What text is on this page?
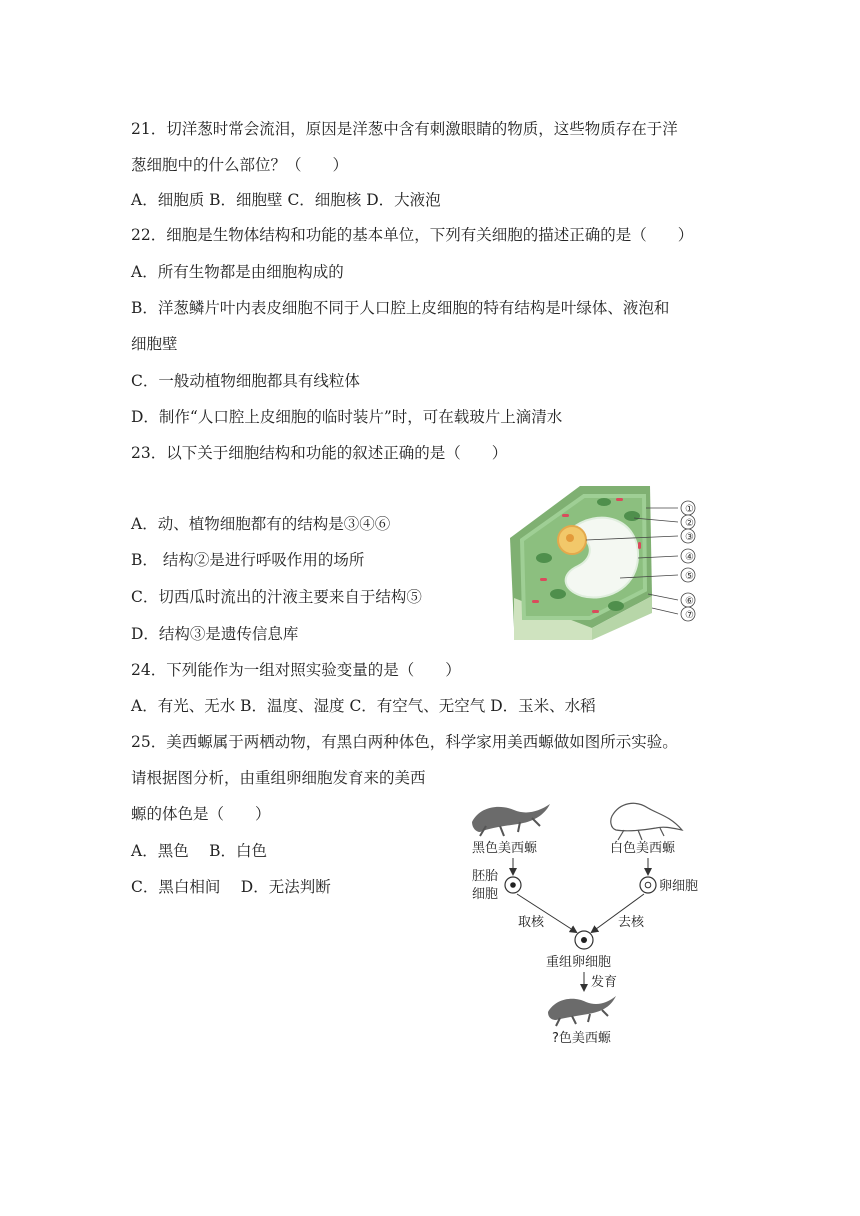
21．切洋葱时常会流泪，原因是洋葱中含有刺激眼睛的物质，这些物质存在于洋
葱细胞中的什么部位？（　　）
A．细胞质 B．细胞壁 C．细胞核 D．大液泡
22．细胞是生物体结构和功能的基本单位，下列有关细胞的描述正确的是（　　）
A．所有生物都是由细胞构成的
B．洋葱鳞片叶内表皮细胞不同于人口腔上皮细胞的特有结构是叶绿体、液泡和
细胞壁
C．一般动植物细胞都具有线粒体
D．制作“人口腔上皮细胞的临时装片”时，可在载玻片上滴清水
23．以下关于细胞结构和功能的叙述正确的是（　　）
A．动、植物细胞都有的结构是③④⑥
B． 结构②是进行呼吸作用的场所
C．切西瓜时流出的汁液主要来自于结构⑤
D．结构③是遗传信息库
①
②
③
④
⑤
⑥
⑦
24．下列能作为一组对照实验变量的是（　　）
A．有光、无水 B．温度、湿度 C．有空气、无空气 D．玉米、水稻
25．美西螈属于两栖动物，有黑白两种体色，科学家用美西螈做如图所示实验。
请根据图分析，由重组卵细胞发育来的美西
螈的体色是（　　）
A．黑色　 B．白色
C．黑白相间　 D．无法判断
黑色美西螈	白色美西螈
胚胎
细胞
卵细胞
取核	去核
重组卵细胞
发育
?色美西螈
